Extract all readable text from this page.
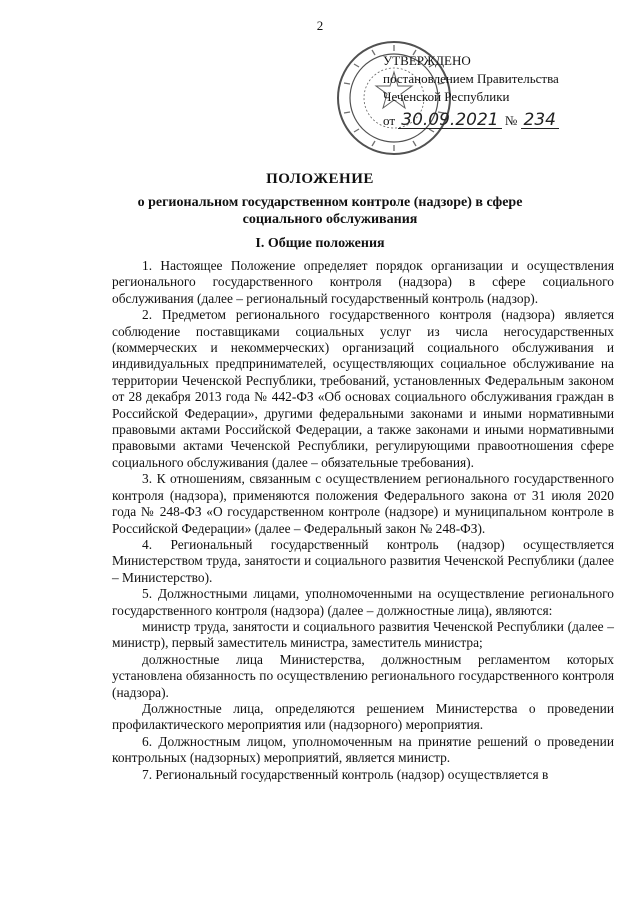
2
УТВЕРЖДЕНО
постановлением Правительства
Чеченской Республики
от 30.09.2021 № 234
ПОЛОЖЕНИЕ
о региональном государственном контроле (надзоре) в сфере социального обслуживания
I. Общие положения

1. Настоящее Положение определяет порядок организации и осуществления регионального государственного контроля (надзора) в сфере социального обслуживания (далее – региональный государственный контроль (надзор).

2. Предметом регионального государственного контроля (надзора) является соблюдение поставщиками социальных услуг из числа негосударственных (коммерческих и некоммерческих) организаций социального обслуживания и индивидуальных предпринимателей, осуществляющих социальное обслуживание на территории Чеченской Республики, требований, установленных Федеральным законом от 28 декабря 2013 года № 442-ФЗ «Об основах социального обслуживания граждан в Российской Федерации», другими федеральными законами и иными нормативными правовыми актами Российской Федерации, а также законами и иными нормативными правовыми актами Чеченской Республики, регулирующими правоотношения сфере социального обслуживания (далее – обязательные требования).

3. К отношениям, связанным с осуществлением регионального государственного контроля (надзора), применяются положения Федерального закона от 31 июля 2020 года № 248-ФЗ «О государственном контроле (надзоре) и муниципальном контроле в Российской Федерации» (далее – Федеральный закон № 248-ФЗ).

4. Региональный государственный контроль (надзор) осуществляется Министерством труда, занятости и социального развития Чеченской Республики (далее – Министерство).

5. Должностными лицами, уполномоченными на осуществление регионального государственного контроля (надзора) (далее – должностные лица), являются:

министр труда, занятости и социального развития Чеченской Республики (далее – министр), первый заместитель министра, заместитель министра;

должностные лица Министерства, должностным регламентом которых установлена обязанность по осуществлению регионального государственного контроля (надзора).

Должностные лица, определяются решением Министерства о проведении профилактического мероприятия или (надзорного) мероприятия.

6. Должностным лицом, уполномоченным на принятие решений о проведении контрольных (надзорных) мероприятий, является министр.

7. Региональный государственный контроль (надзор) осуществляется в
